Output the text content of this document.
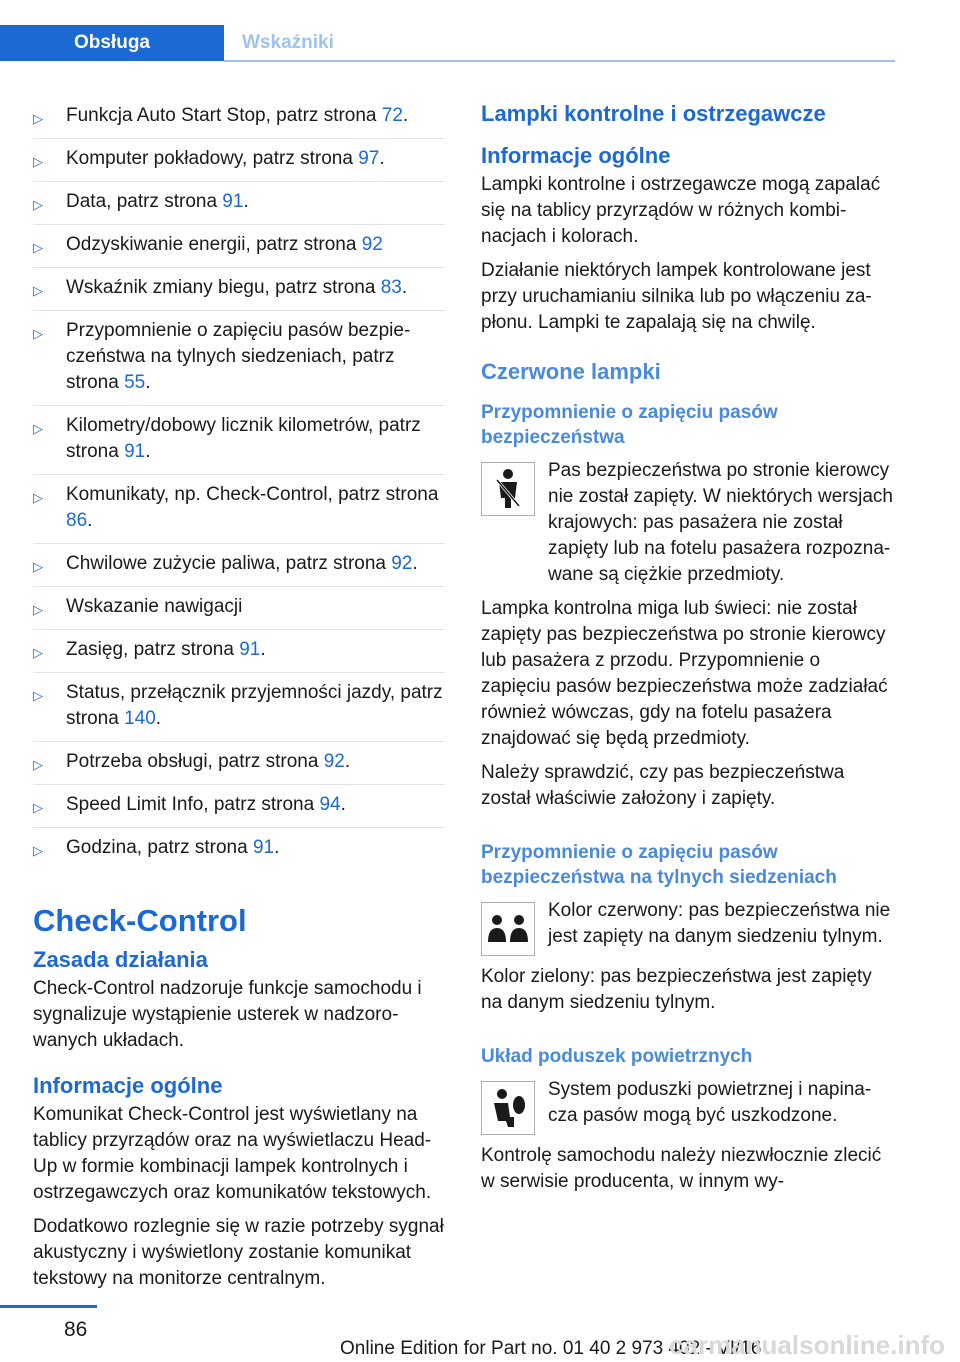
Obsługa	Wskaźniki
▷ Funkcja Auto Start Stop, patrz strona 72.
▷ Komputer pokładowy, patrz strona 97.
▷ Data, patrz strona 91.
▷ Odzyskiwanie energii, patrz strona 92
▷ Wskaźnik zmiany biegu, patrz strona 83.
▷ Przypomnienie o zapięciu pasów bezpieczeństwa na tylnych siedzeniach, patrz strona 55.
▷ Kilometry/dobowy licznik kilometrów, patrz strona 91.
▷ Komunikaty, np. Check-Control, patrz strona 86.
▷ Chwilowe zużycie paliwa, patrz strona 92.
▷ Wskazanie nawigacji
▷ Zasięg, patrz strona 91.
▷ Status, przełącznik przyjemności jazdy, patrz strona 140.
▷ Potrzeba obsługi, patrz strona 92.
▷ Speed Limit Info, patrz strona 94.
▷ Godzina, patrz strona 91.
Check-Control
Zasada działania

Check-Control nadzoruje funkcje samochodu i sygnalizuje wystąpienie usterek w nadzorowanych układach.

Informacje ogólne

Komunikat Check-Control jest wyświetlany na tablicy przyrządów oraz na wyświetlaczu Head-Up w formie kombinacji lampek kontrolnych i ostrzegawczych oraz komunikatów tekstowych.

Dodatkowo rozlegnie się w razie potrzeby sygnał akustyczny i wyświetlony zostanie komunikat tekstowy na monitorze centralnym.

Lampki kontrolne i ostrzegawcze
Informacje ogólne

Lampki kontrolne i ostrzegawcze mogą zapalać się na tablicy przyrządów w różnych kombinacjach i kolorach.

Działanie niektórych lampek kontrolowane jest przy uruchamianiu silnika lub po włączeniu zapłonu. Lampki te zapalają się na chwilę.

Czerwone lampki
Przypomnienie o zapięciu pasów bezpieczeństwa

Pas bezpieczeństwa po stronie kierowcy nie został zapięty. W niektórych wersjach krajowych: pas pasażera nie został zapięty lub na fotelu pasażera rozpoznawane są ciężkie przedmioty.

Lampka kontrolna miga lub świeci: nie został zapięty pas bezpieczeństwa po stronie kierowcy lub pasażera z przodu. Przypomnienie o zapięciu pasów bezpieczeństwa może zadziałać również wówczas, gdy na fotelu pasażera znajdować się będą przedmioty.

Należy sprawdzić, czy pas bezpieczeństwa został właściwie założony i zapięty.

Przypomnienie o zapięciu pasów bezpieczeństwa na tylnych siedzeniach

Kolor czerwony: pas bezpieczeństwa nie jest zapięty na danym siedzeniu tylnym.

Kolor zielony: pas bezpieczeństwa jest zapięty na danym siedzeniu tylnym.

Układ poduszek powietrznych

System poduszki powietrznej i napinacza pasów mogą być uszkodzone.

Kontrolę samochodu należy niezwłocznie zlecić w serwisie producenta, w innym wy-

86
Online Edition for Part no. 01 40 2 973 402 - VI/16
carmanualsonline.info
